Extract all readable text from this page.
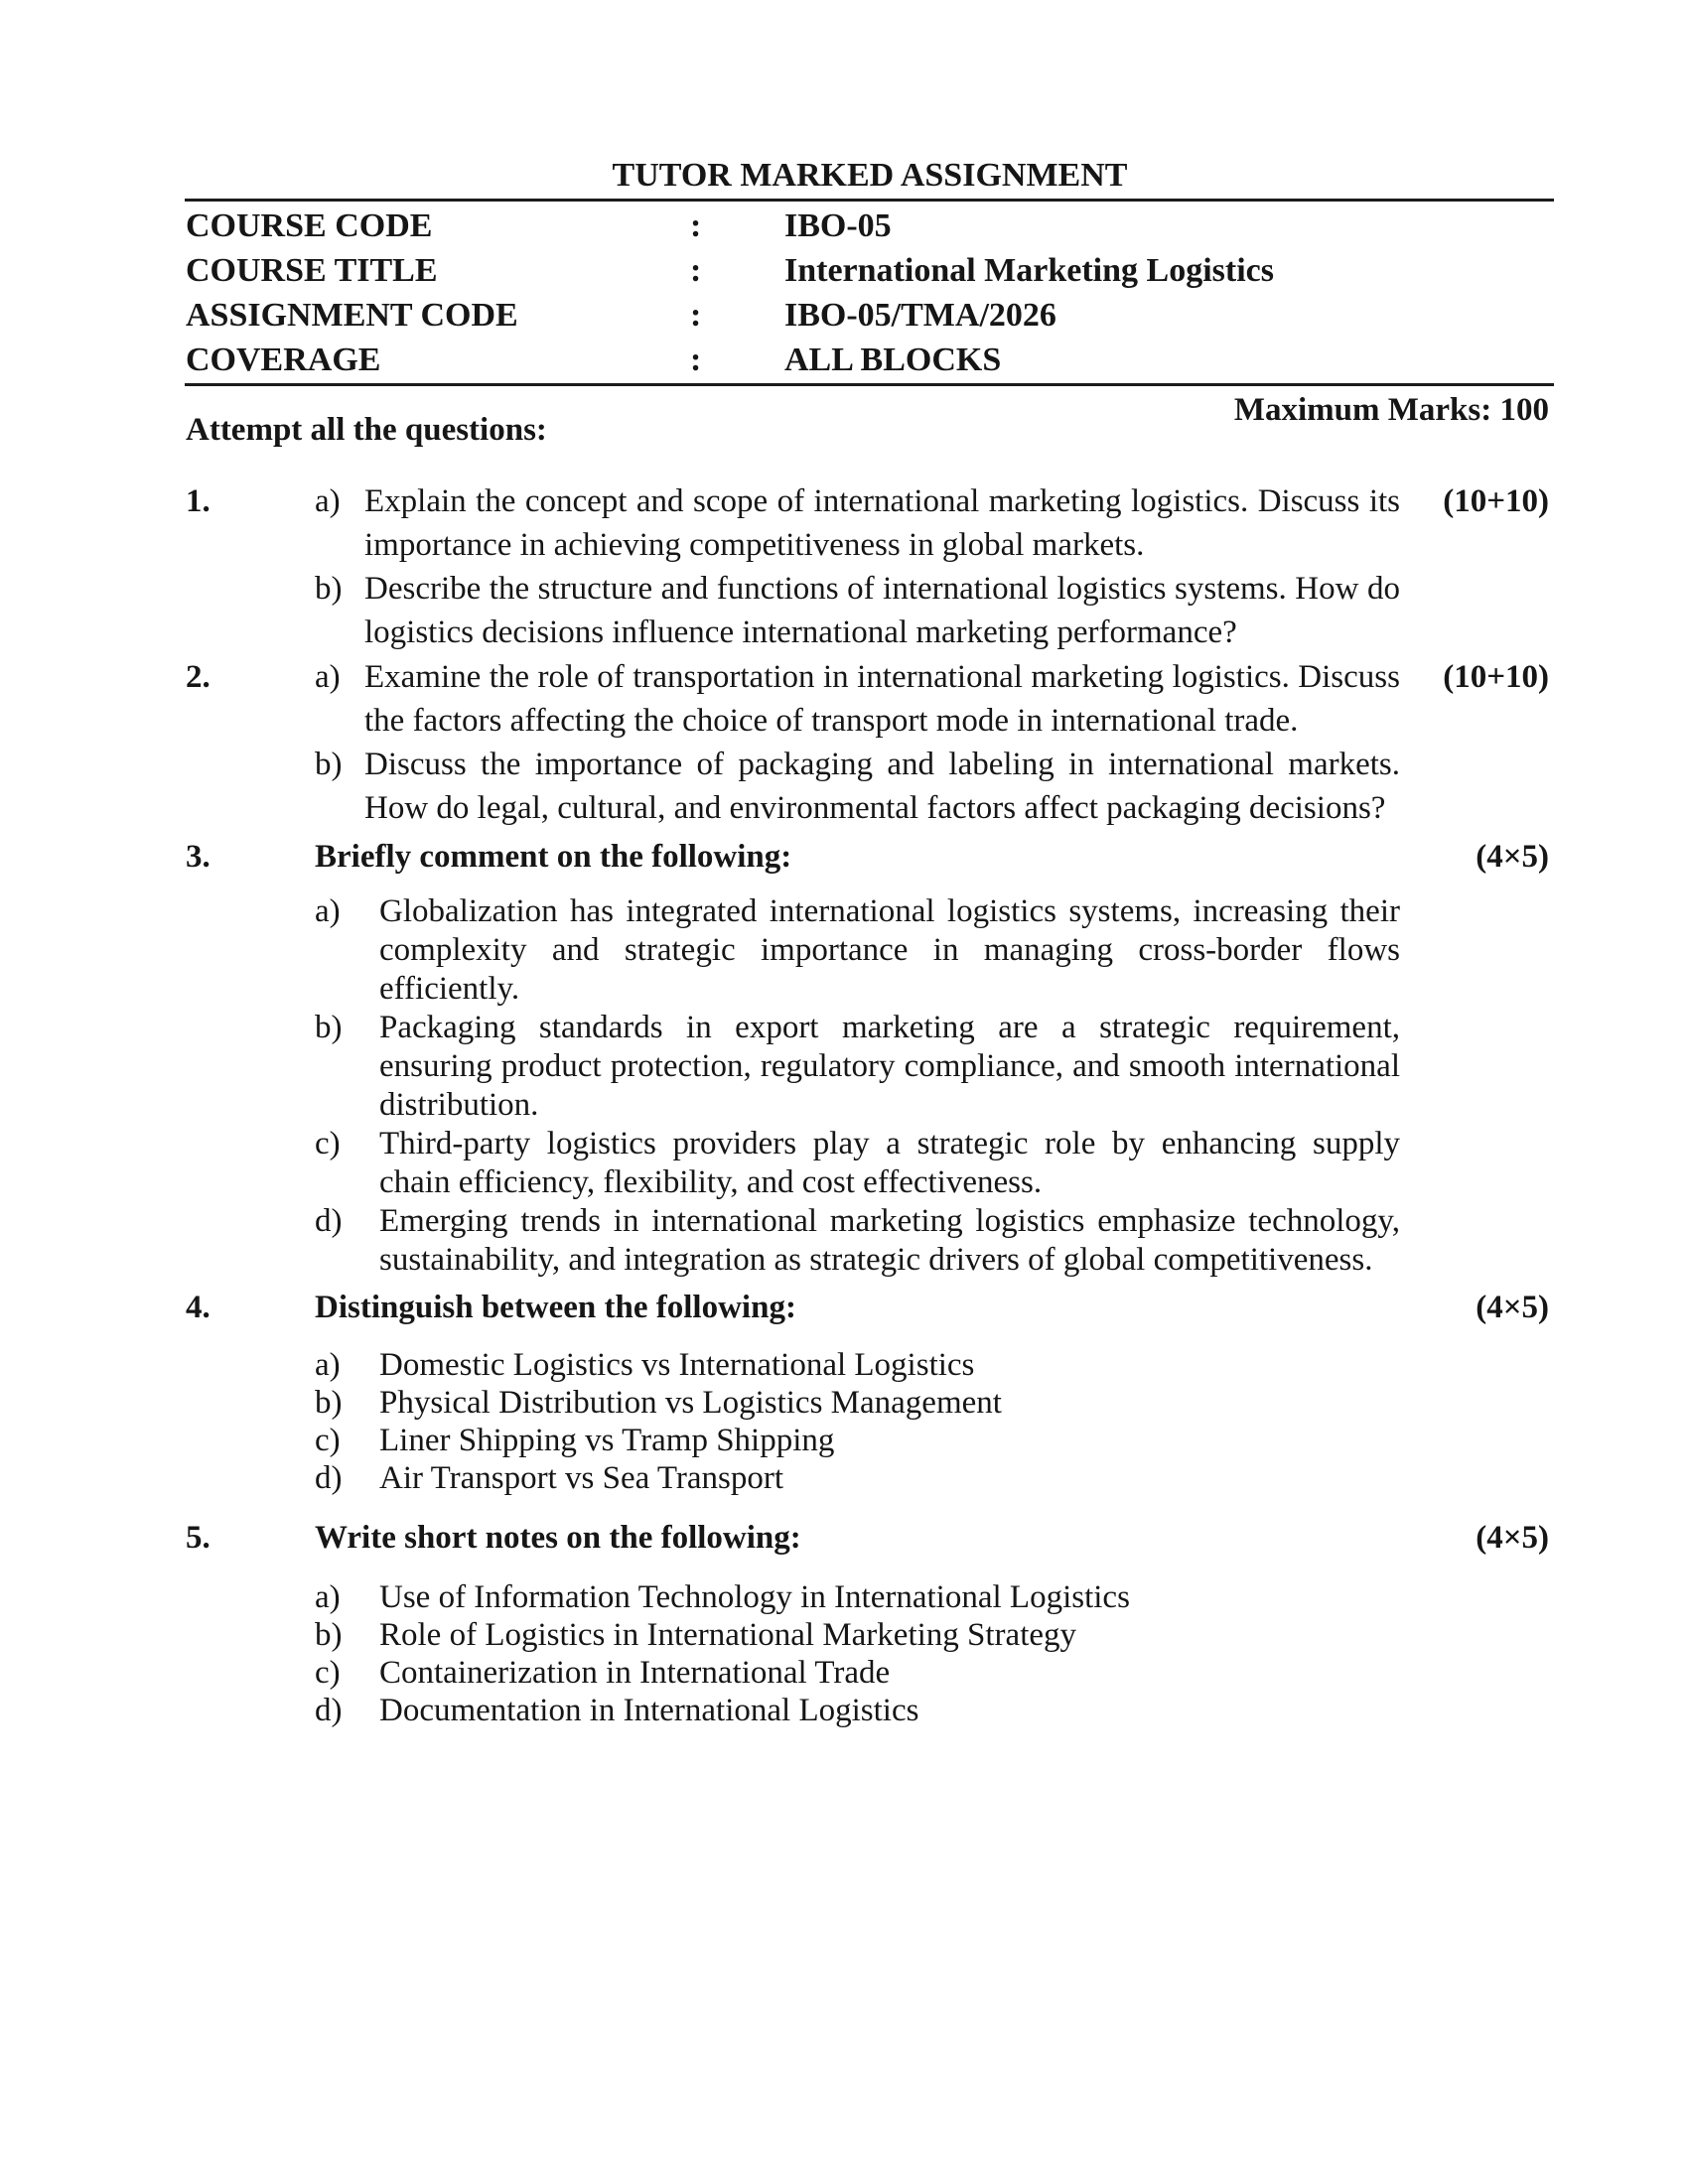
TUTOR MARKED ASSIGNMENT
COURSE CODE	:	IBO-05
COURSE TITLE	:	International Marketing Logistics
ASSIGNMENT CODE	:	IBO-05/TMA/2026
COVERAGE	:	ALL BLOCKS
Maximum Marks: 100
Attempt all the questions:
1.	a) Explain the concept and scope of international marketing logistics. Discuss its importance in achieving competitiveness in global markets.
b) Describe the structure and functions of international logistics systems. How do logistics decisions influence international marketing performance?
(10+10)
2.	a) Examine the role of transportation in international marketing logistics. Discuss the factors affecting the choice of transport mode in international trade.
b) Discuss the importance of packaging and labeling in international markets. How do legal, cultural, and environmental factors affect packaging decisions?
(10+10)
3.	Briefly comment on the following:
a)	Globalization has integrated international logistics systems, increasing their complexity and strategic importance in managing cross-border flows efficiently.
b)	Packaging standards in export marketing are a strategic requirement, ensuring product protection, regulatory compliance, and smooth international distribution.
c)	Third-party logistics providers play a strategic role by enhancing supply chain efficiency, flexibility, and cost effectiveness.
d)	Emerging trends in international marketing logistics emphasize technology, sustainability, and integration as strategic drivers of global competitiveness.
(4×5)
4.	Distinguish between the following:
a)	Domestic Logistics vs International Logistics
b)	Physical Distribution vs Logistics Management
c)	Liner Shipping vs Tramp Shipping
d)	Air Transport vs Sea Transport
(4×5)
5.	Write short notes on the following:
a)	Use of Information Technology in International Logistics
b)	Role of Logistics in International Marketing Strategy
c)	Containerization in International Trade
d)	Documentation in International Logistics
(4×5)
